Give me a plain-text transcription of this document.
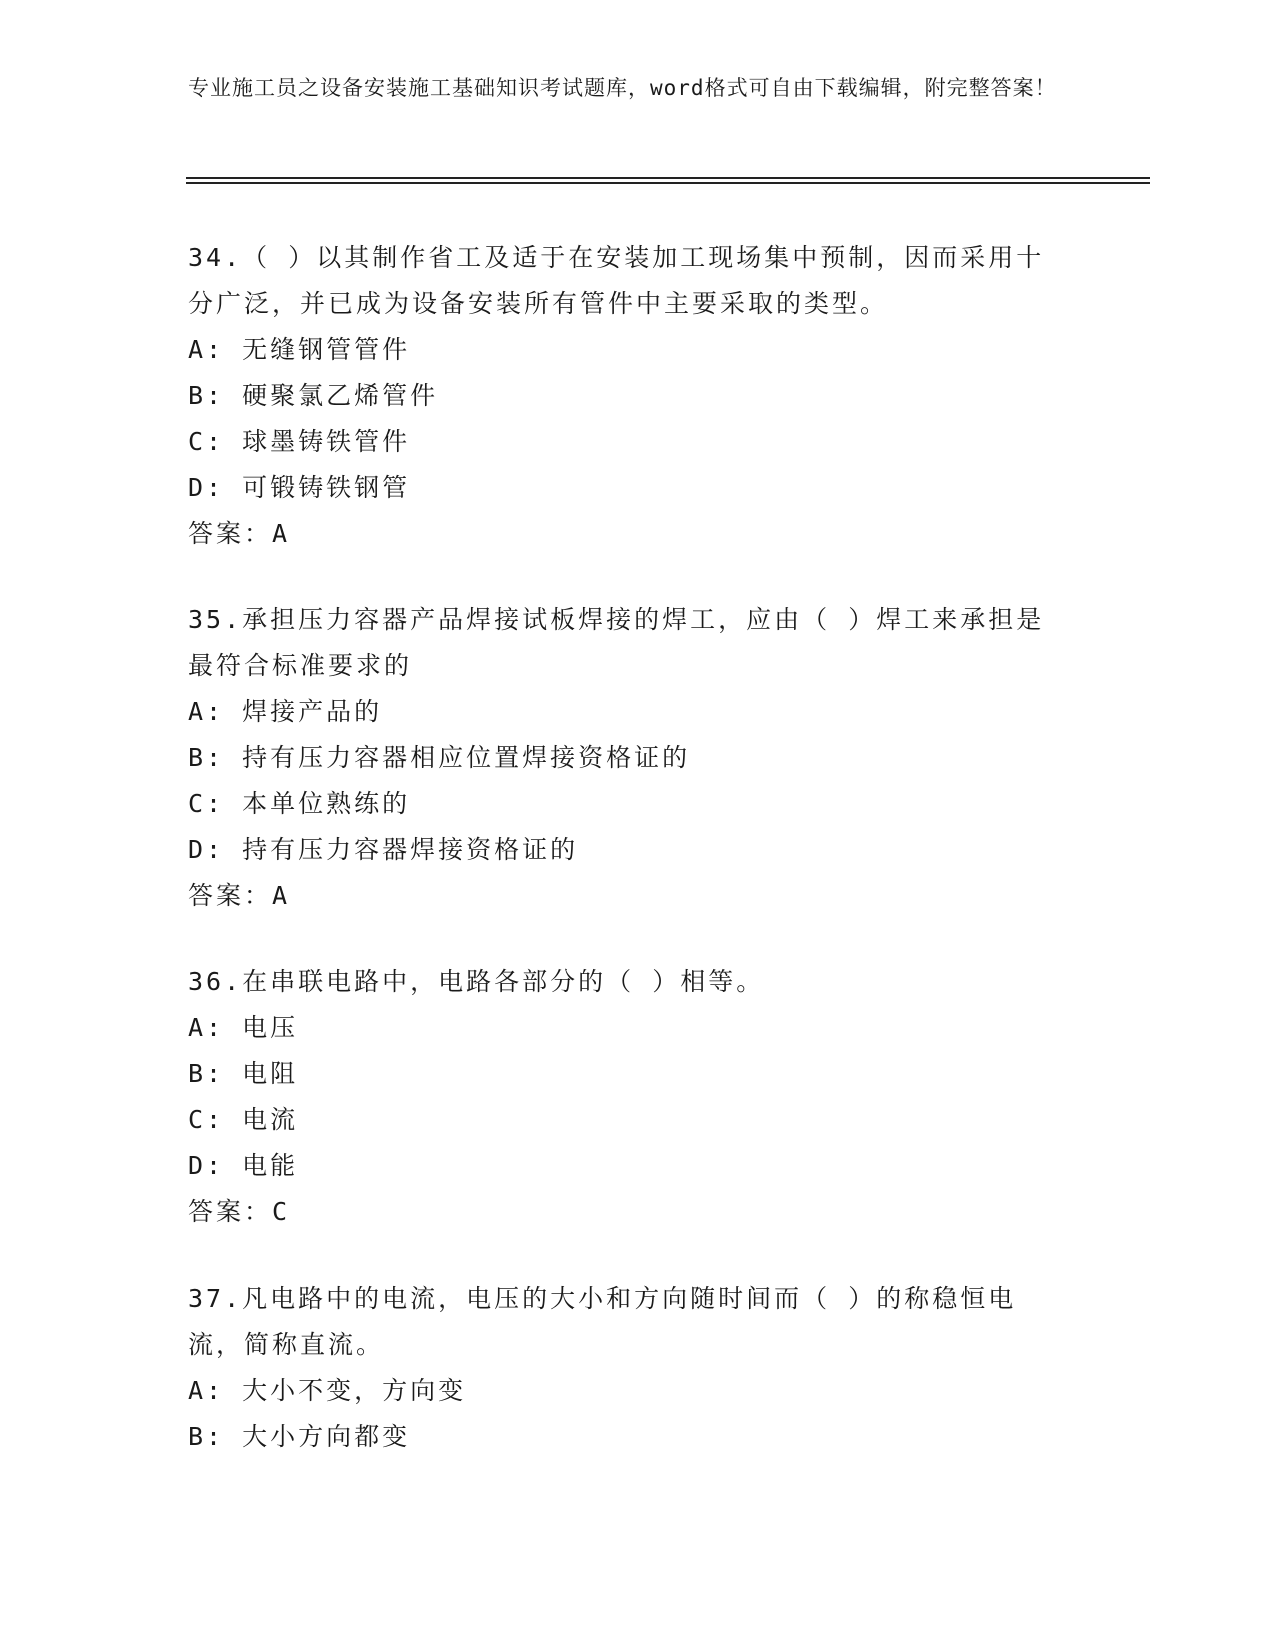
专业施工员之设备安装施工基础知识考试题库，word格式可自由下载编辑，附完整答案！
34.（ ）以其制作省工及适于在安装加工现场集中预制，因而采用十分广泛，并已成为设备安装所有管件中主要采取的类型。
A: 无缝钢管管件
B: 硬聚氯乙烯管件
C: 球墨铸铁管件
D: 可锻铸铁钢管
答案：A
35.承担压力容器产品焊接试板焊接的焊工，应由（ ）焊工来承担是最符合标准要求的
A: 焊接产品的
B: 持有压力容器相应位置焊接资格证的
C: 本单位熟练的
D: 持有压力容器焊接资格证的
答案：A
36.在串联电路中，电路各部分的（ ）相等。
A: 电压
B: 电阻
C: 电流
D: 电能
答案：C
37.凡电路中的电流，电压的大小和方向随时间而（ ）的称稳恒电流，简称直流。
A: 大小不变，方向变
B: 大小方向都变
